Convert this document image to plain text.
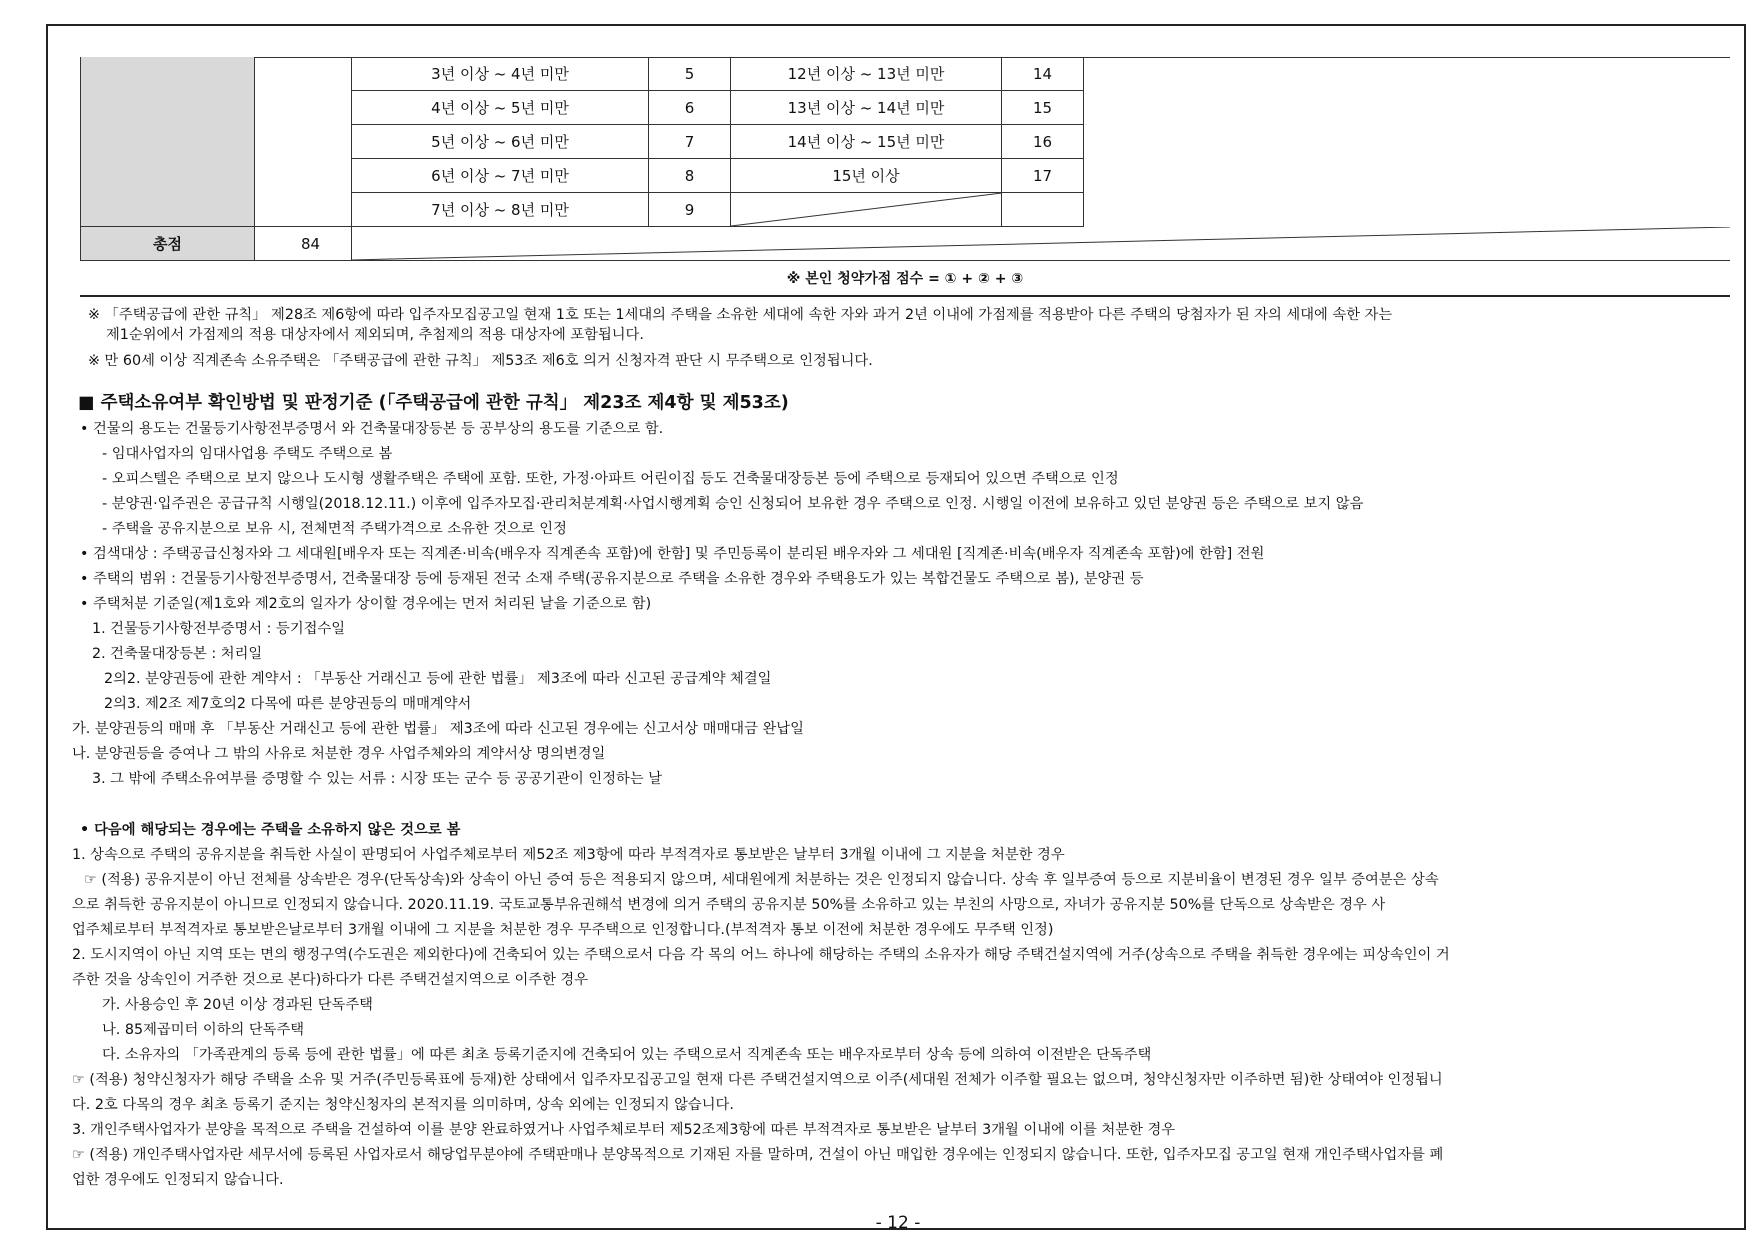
3년 이상 ~ 4년 미만	5	12년 이상 ~ 13년 미만	14
4년 이상 ~ 5년 미만	6	13년 이상 ~ 14년 미만	15
5년 이상 ~ 6년 미만	7	14년 이상 ~ 15년 미만	16
6년 이상 ~ 7년 미만	8	15년 이상	17
7년 이상 ~ 8년 미만	9
총점	84
※ 본인 청약가점 점수 = ① + ② + ③
※ 「주택공급에 관한 규칙」 제28조 제6항에 따라 입주자모집공고일 현재 1호 또는 1세대의 주택을 소유한 세대에 속한 자와 과거 2년 이내에 가점제를 적용받아 다른 주택의 당첨자가 된 자의 세대에 속한 자는
제1순위에서 가점제의 적용 대상자에서 제외되며, 추첨제의 적용 대상자에 포함됩니다.
※ 만 60세 이상 직계존속 소유주택은 「주택공급에 관한 규칙」 제53조 제6호 의거 신청자격 판단 시 무주택으로 인정됩니다.
■ 주택소유여부 확인방법 및 판정기준 (「주택공급에 관한 규칙」 제23조 제4항 및 제53조)
• 건물의 용도는 건물등기사항전부증명서 와 건축물대장등본 등 공부상의 용도를 기준으로 함.
- 임대사업자의 임대사업용 주택도 주택으로 봄
- 오피스텔은 주택으로 보지 않으나 도시형 생활주택은 주택에 포함. 또한, 가정·아파트 어린이집 등도 건축물대장등본 등에 주택으로 등재되어 있으면 주택으로 인정
- 분양권·입주권은 공급규칙 시행일(2018.12.11.) 이후에 입주자모집·관리처분계획·사업시행계획 승인 신청되어 보유한 경우 주택으로 인정. 시행일 이전에 보유하고 있던 분양권 등은 주택으로 보지 않음
- 주택을 공유지분으로 보유 시, 전체면적 주택가격으로 소유한 것으로 인정
• 검색대상 : 주택공급신청자와 그 세대원[배우자 또는 직계존·비속(배우자 직계존속 포함)에 한함] 및 주민등록이 분리된 배우자와 그 세대원 [직계존·비속(배우자 직계존속 포함)에 한함] 전원
• 주택의 범위 : 건물등기사항전부증명서, 건축물대장 등에 등재된 전국 소재 주택(공유지분으로 주택을 소유한 경우와 주택용도가 있는 복합건물도 주택으로 봄), 분양권 등
• 주택처분 기준일(제1호와 제2호의 일자가 상이할 경우에는 먼저 처리된 날을 기준으로 함)
1. 건물등기사항전부증명서 : 등기접수일
2. 건축물대장등본 : 처리일
2의2. 분양권등에 관한 계약서 : 「부동산 거래신고 등에 관한 법률」 제3조에 따라 신고된 공급계약 체결일
2의3. 제2조 제7호의2 다목에 따른 분양권등의 매매계약서
가. 분양권등의 매매 후 「부동산 거래신고 등에 관한 법률」 제3조에 따라 신고된 경우에는 신고서상 매매대금 완납일
나. 분양권등을 증여나 그 밖의 사유로 처분한 경우 사업주체와의 계약서상 명의변경일
3. 그 밖에 주택소유여부를 증명할 수 있는 서류 : 시장 또는 군수 등 공공기관이 인정하는 날
• 다음에 해당되는 경우에는 주택을 소유하지 않은 것으로 봄
1. 상속으로 주택의 공유지분을 취득한 사실이 판명되어 사업주체로부터 제52조 제3항에 따라 부적격자로 통보받은 날부터 3개월 이내에 그 지분을 처분한 경우
☞ (적용) 공유지분이 아닌 전체를 상속받은 경우(단독상속)와 상속이 아닌 증여 등은 적용되지 않으며, 세대원에게 처분하는 것은 인정되지 않습니다. 상속 후 일부증여 등으로 지분비율이 변경된 경우 일부 증여분은 상속
으로 취득한 공유지분이 아니므로 인정되지 않습니다. 2020.11.19. 국토교통부유권해석 변경에 의거 주택의 공유지분 50%를 소유하고 있는 부친의 사망으로, 자녀가 공유지분 50%를 단독으로 상속받은 경우 사
업주체로부터 부적격자로 통보받은날로부터 3개월 이내에 그 지분을 처분한 경우 무주택으로 인정합니다.(부적격자 통보 이전에 처분한 경우에도 무주택 인정)
2. 도시지역이 아닌 지역 또는 면의 행정구역(수도권은 제외한다)에 건축되어 있는 주택으로서 다음 각 목의 어느 하나에 해당하는 주택의 소유자가 해당 주택건설지역에 거주(상속으로 주택을 취득한 경우에는 피상속인이 거
주한 것을 상속인이 거주한 것으로 본다)하다가 다른 주택건설지역으로 이주한 경우
가. 사용승인 후 20년 이상 경과된 단독주택
나. 85제곱미터 이하의 단독주택
다. 소유자의 「가족관계의 등록 등에 관한 법률」에 따른 최초 등록기준지에 건축되어 있는 주택으로서 직계존속 또는 배우자로부터 상속 등에 의하여 이전받은 단독주택
☞ (적용) 청약신청자가 해당 주택을 소유 및 거주(주민등록표에 등재)한 상태에서 입주자모집공고일 현재 다른 주택건설지역으로 이주(세대원 전체가 이주할 필요는 없으며, 청약신청자만 이주하면 됨)한 상태여야 인정됩니
다. 2호 다목의 경우 최초 등록기 준지는 청약신청자의 본적지를 의미하며, 상속 외에는 인정되지 않습니다.
3. 개인주택사업자가 분양을 목적으로 주택을 건설하여 이를 분양 완료하였거나 사업주체로부터 제52조제3항에 따른 부적격자로 통보받은 날부터 3개월 이내에 이를 처분한 경우
☞ (적용) 개인주택사업자란 세무서에 등록된 사업자로서 해당업무분야에 주택판매나 분양목적으로 기재된 자를 말하며, 건설이 아닌 매입한 경우에는 인정되지 않습니다. 또한, 입주자모집 공고일 현재 개인주택사업자를 폐
업한 경우에도 인정되지 않습니다.
- 12 -
